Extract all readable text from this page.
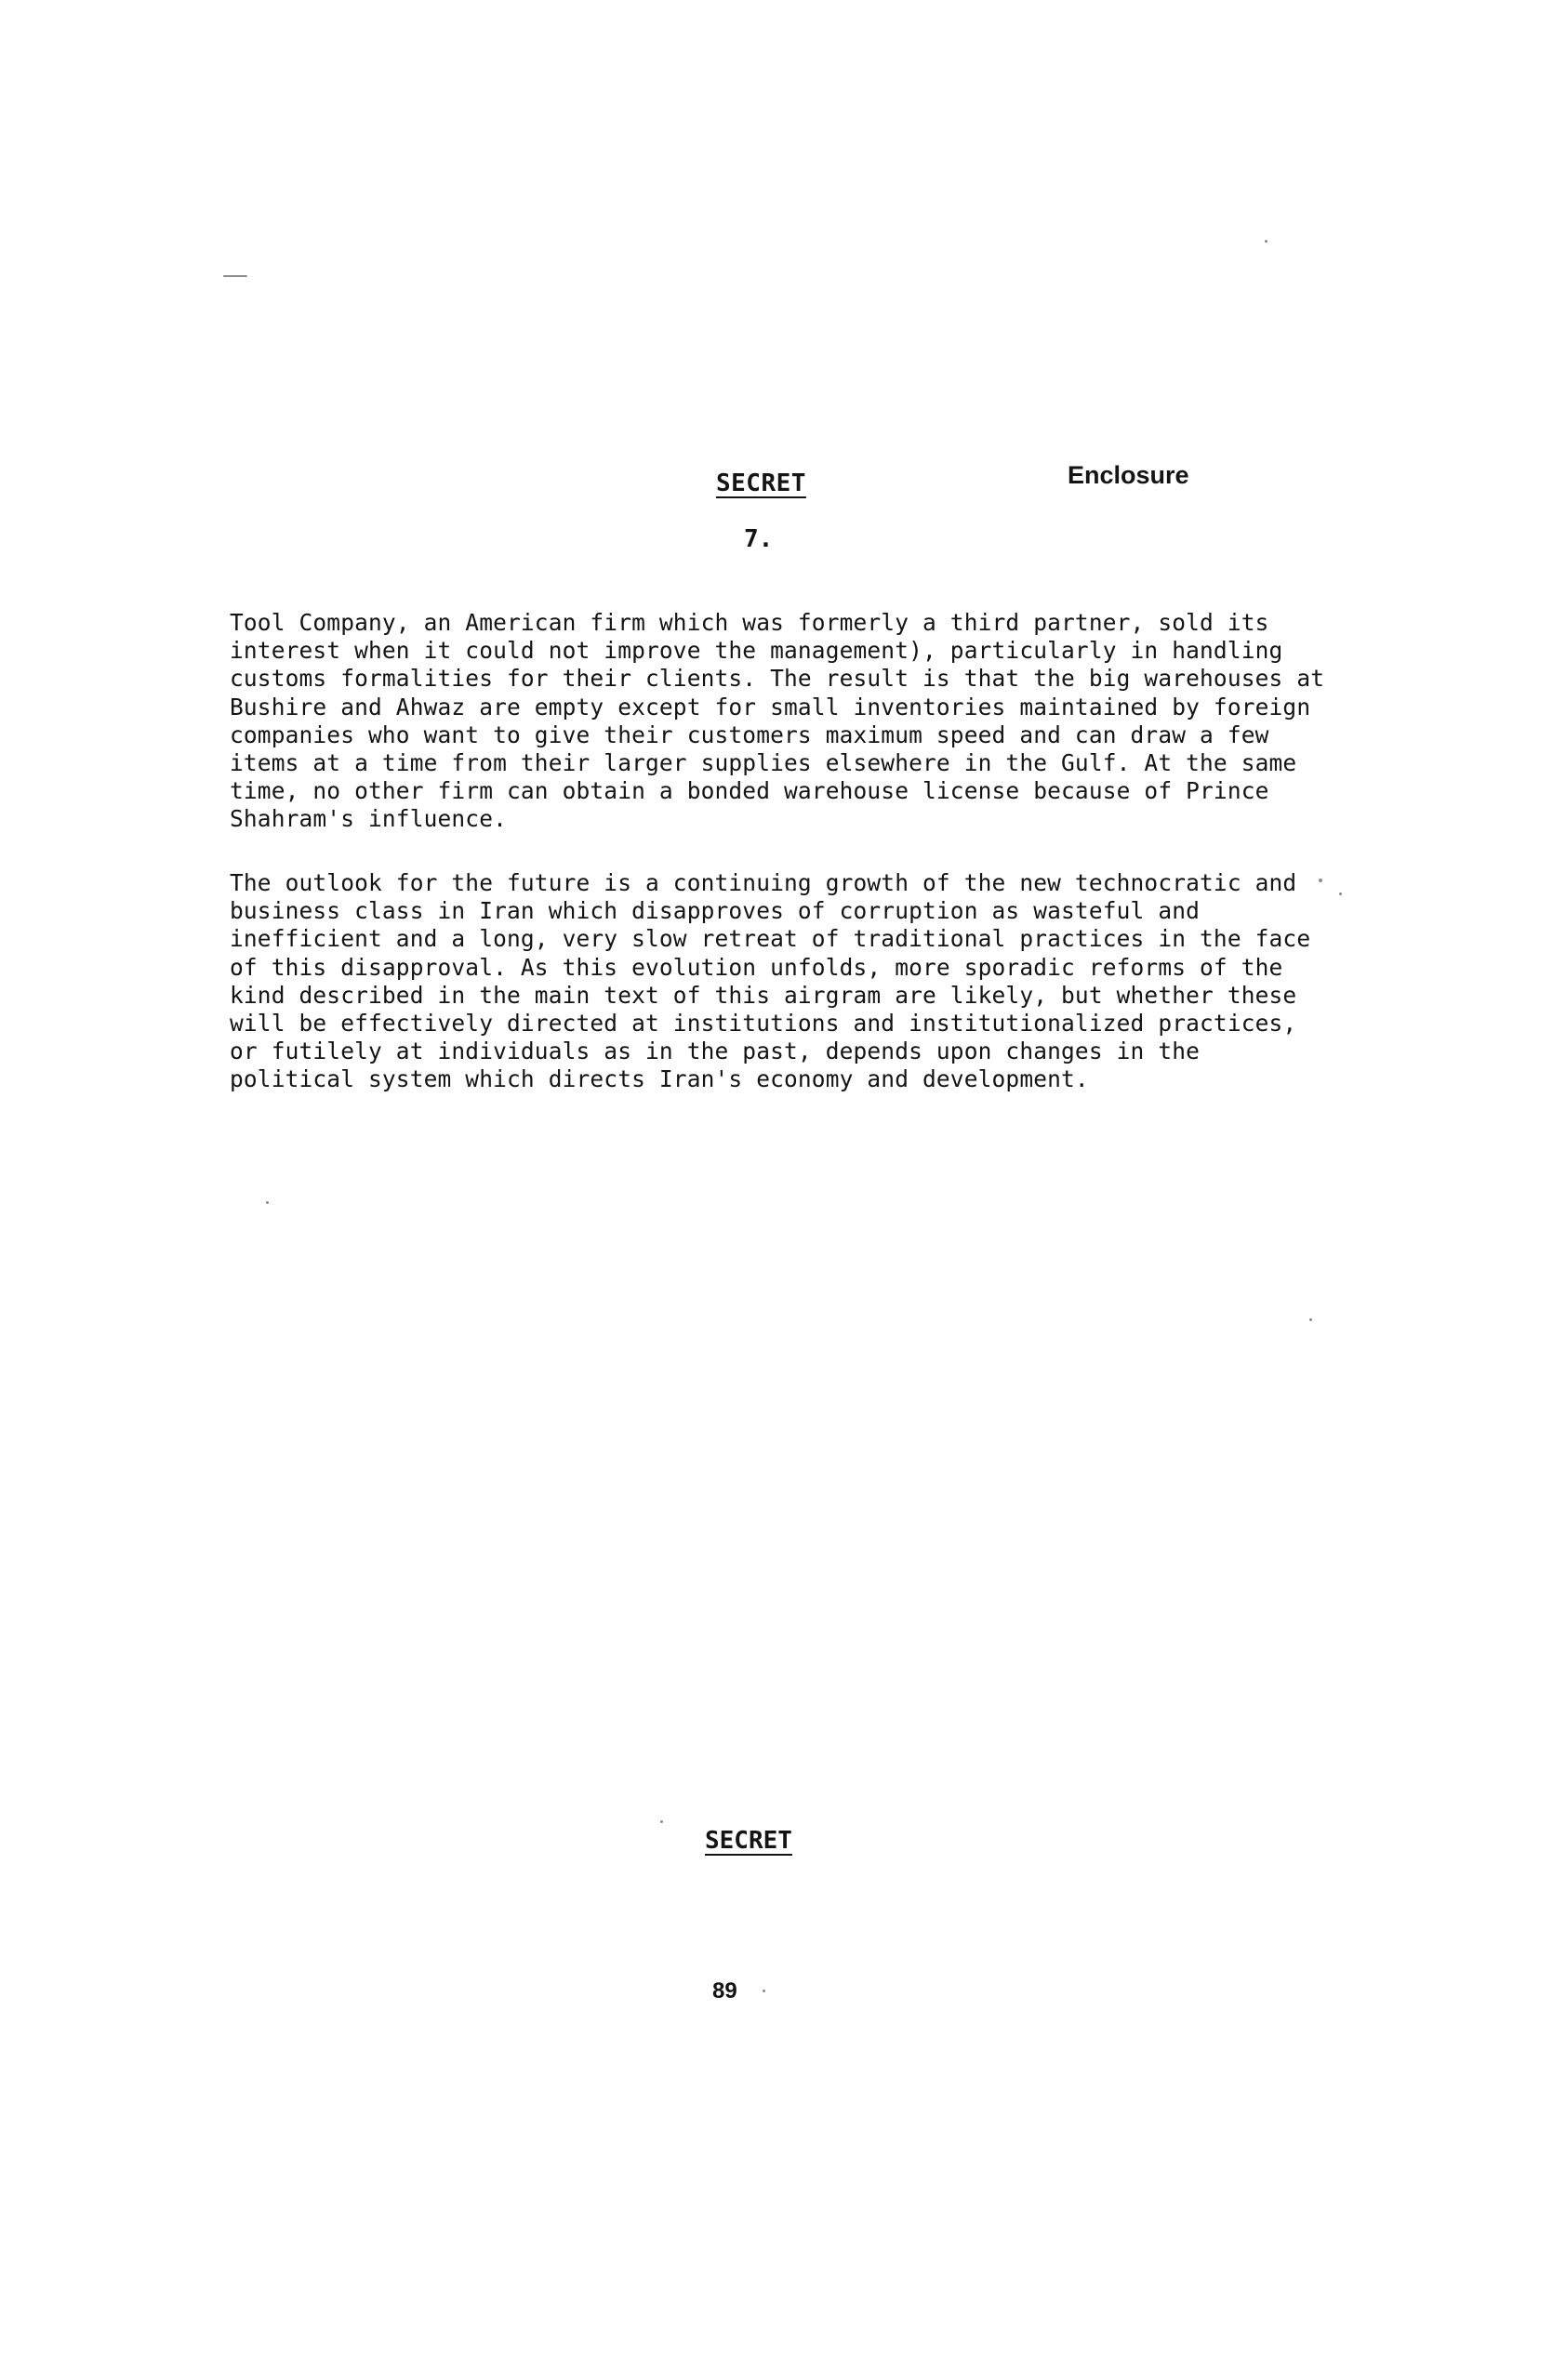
SECRET	Enclosure
7.
Tool Company, an American firm which was formerly a third partner, sold its interest when it could not improve the management), particularly in handling customs formalities for their clients. The result is that the big warehouses at Bushire and Ahwaz are empty except for small inventories maintained by foreign companies who want to give their customers maximum speed and can draw a few items at a time from their larger supplies elsewhere in the Gulf. At the same time, no other firm can obtain a bonded warehouse license because of Prince Shahram's influence.
The outlook for the future is a continuing growth of the new technocratic and business class in Iran which disapproves of corruption as wasteful and inefficient and a long, very slow retreat of traditional practices in the face of this disapproval. As this evolution unfolds, more sporadic reforms of the kind described in the main text of this airgram are likely, but whether these will be effectively directed at institutions and institutionalized practices, or futilely at individuals as in the past, depends upon changes in the political system which directs Iran's economy and development.
SECRET
89
